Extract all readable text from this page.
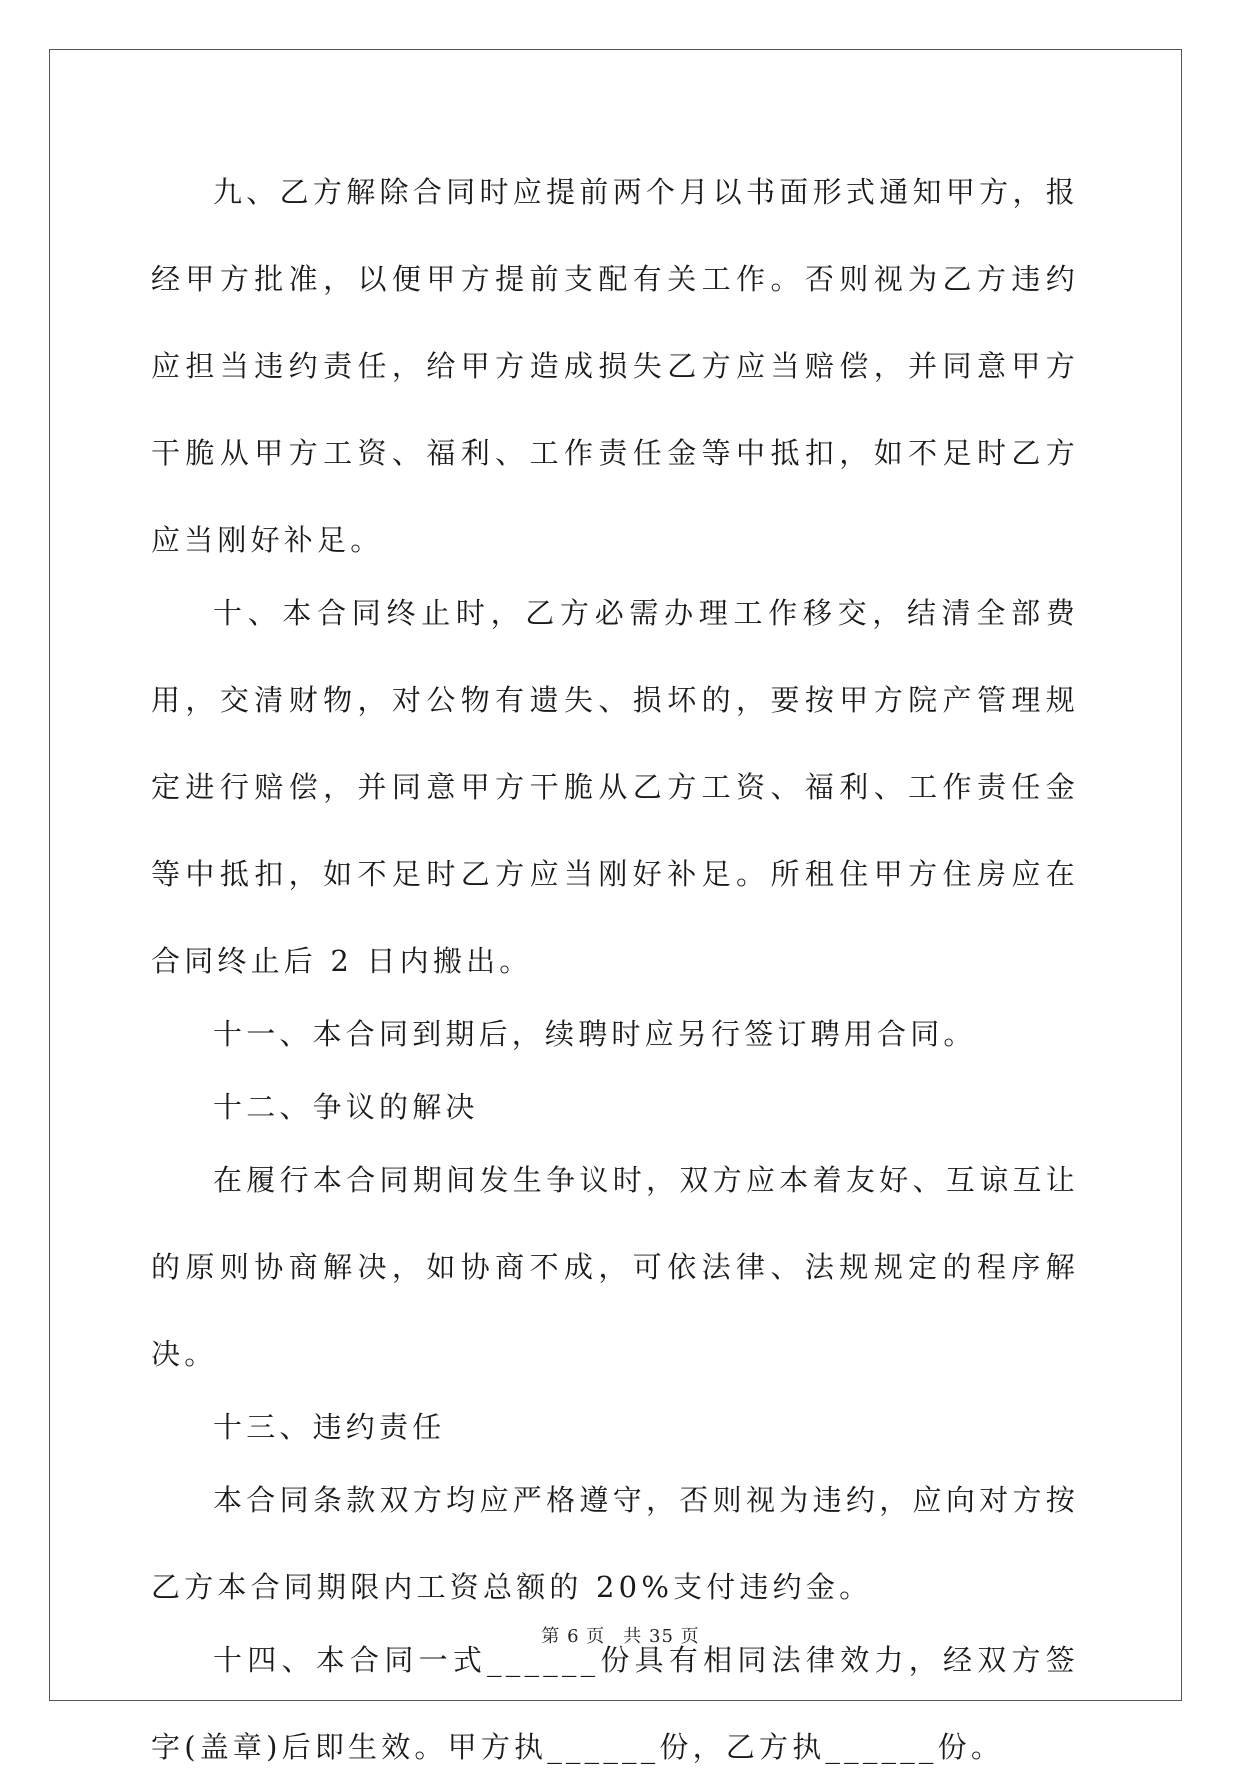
九、乙方解除合同时应提前两个月以书面形式通知甲方，报经甲方批准，以便甲方提前支配有关工作。否则视为乙方违约应担当违约责任，给甲方造成损失乙方应当赔偿，并同意甲方干脆从甲方工资、福利、工作责任金等中抵扣，如不足时乙方应当刚好补足。

十、本合同终止时，乙方必需办理工作移交，结清全部费用，交清财物，对公物有遗失、损坏的，要按甲方院产管理规定进行赔偿，并同意甲方干脆从乙方工资、福利、工作责任金等中抵扣，如不足时乙方应当刚好补足。所租住甲方住房应在合同终止后 2 日内搬出。

十一、本合同到期后，续聘时应另行签订聘用合同。

十二、争议的解决

在履行本合同期间发生争议时，双方应本着友好、互谅互让的原则协商解决，如协商不成，可依法律、法规规定的程序解决。

十三、违约责任

本合同条款双方均应严格遵守，否则视为违约，应向对方按乙方本合同期限内工资总额的 20%支付违约金。

十四、本合同一式______份具有相同法律效力，经双方签字(盖章)后即生效。甲方执______份，乙方执______份。

第 6 页 共 35 页
